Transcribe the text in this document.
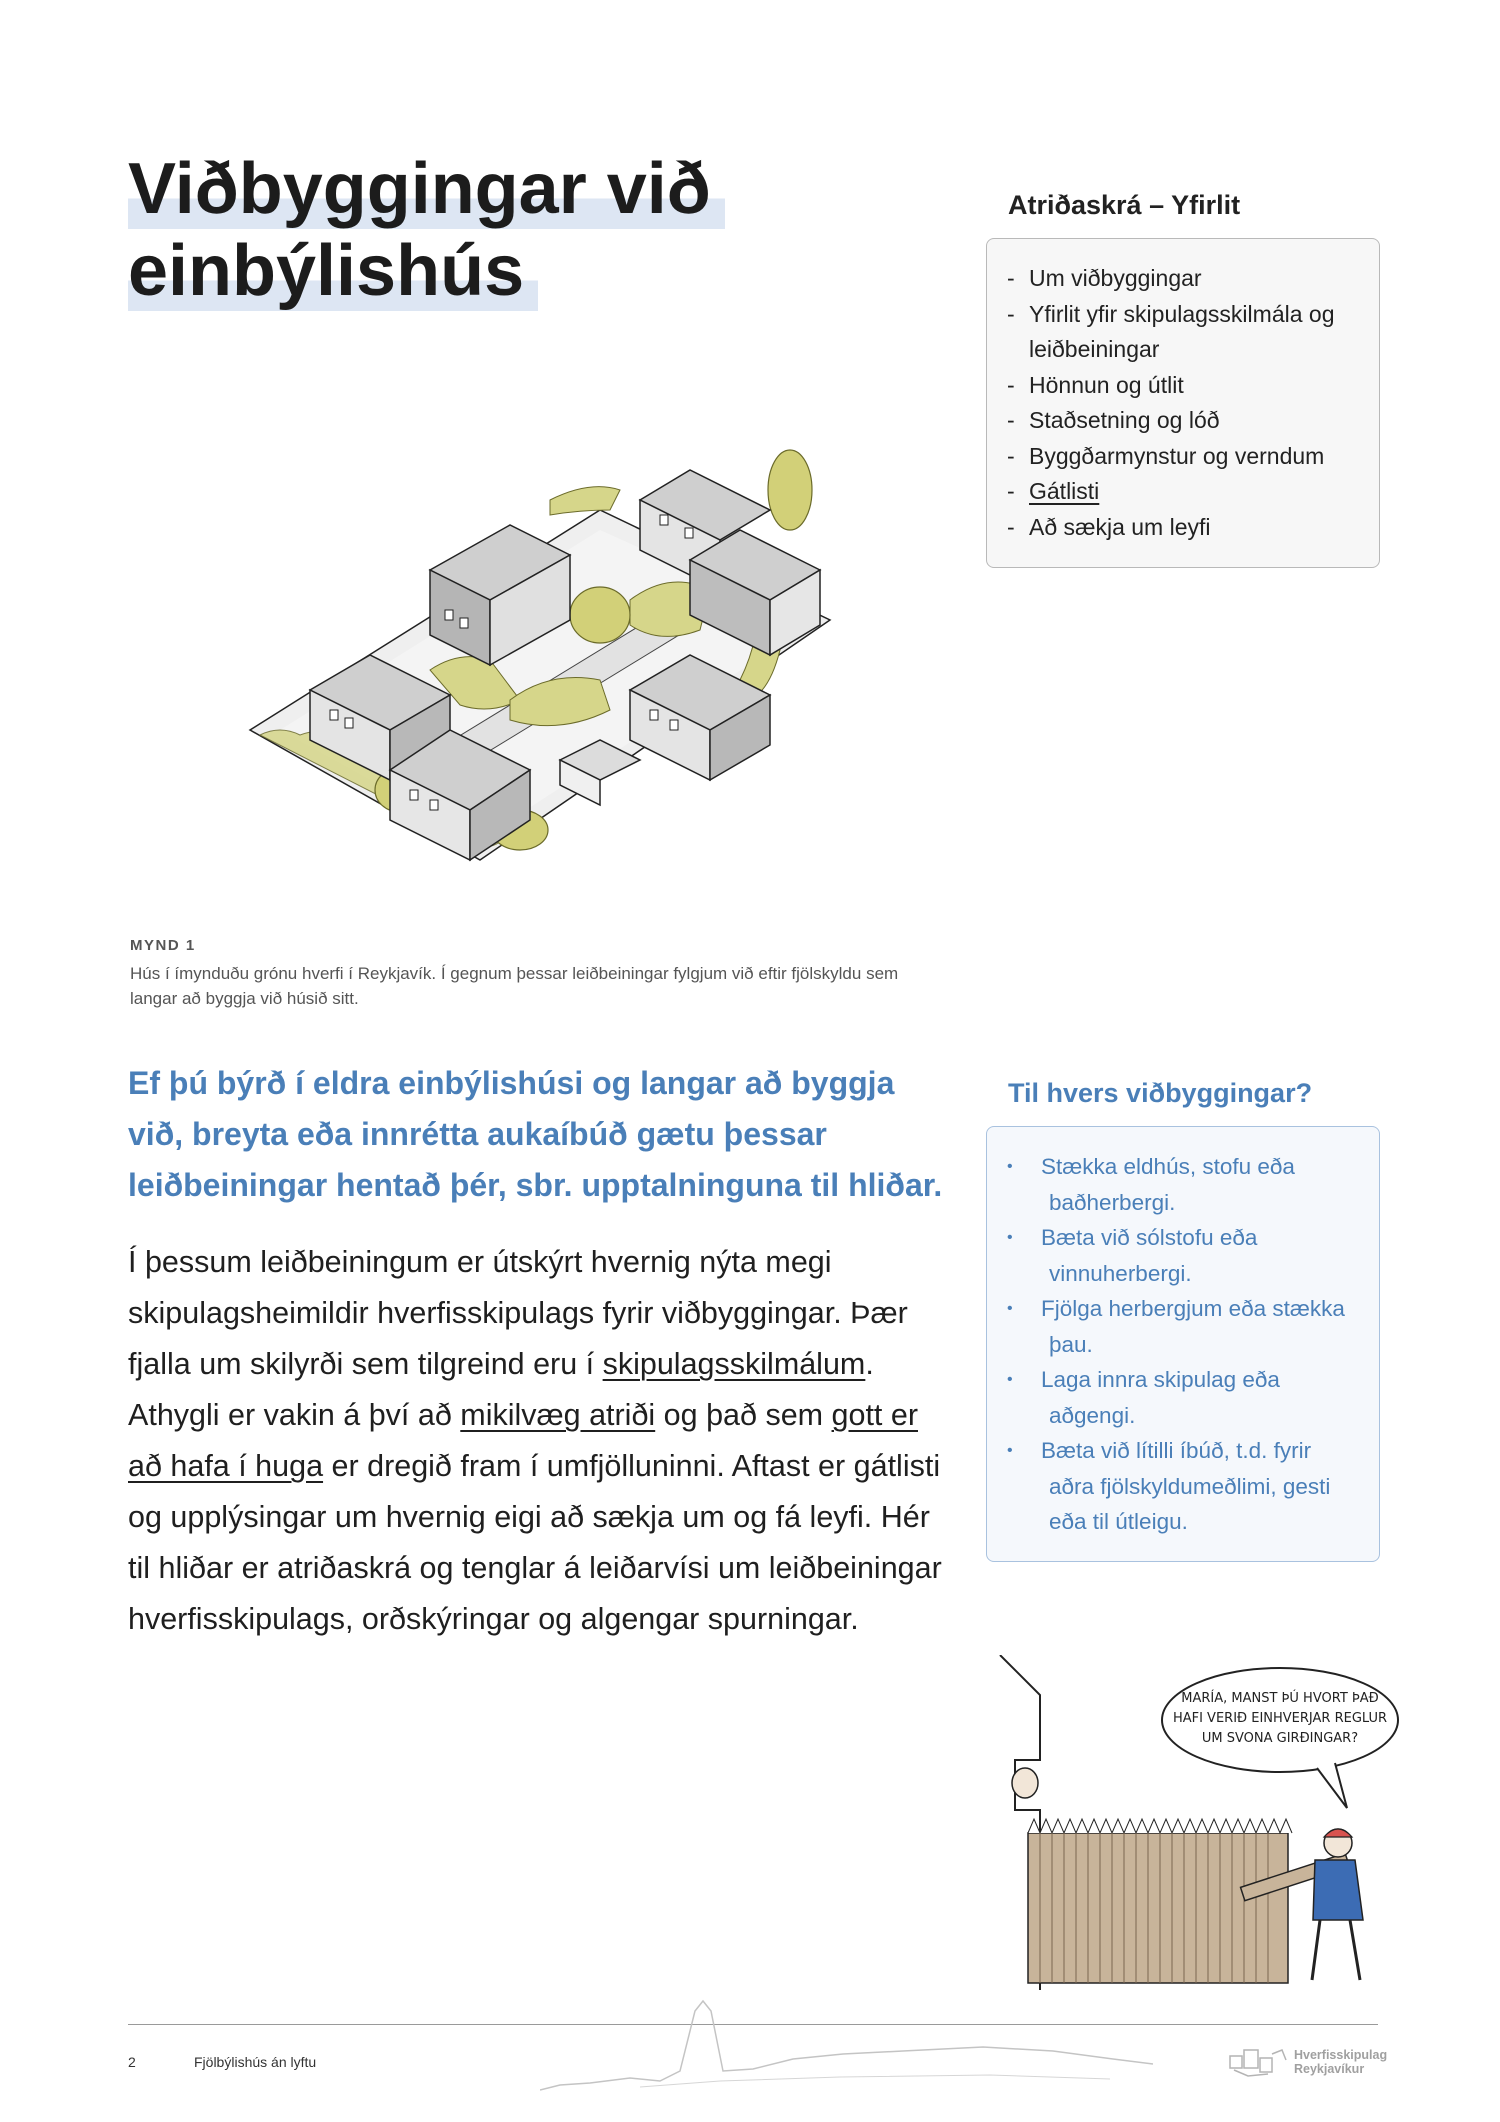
Viðbyggingar við
einbýlishús
Atriðaskrá – Yfirlit
- Um viðbyggingar
- Yfirlit yfir skipulagsskilmála og leiðbeiningar
- Hönnun og útlit
- Staðsetning og lóð
- Byggðarmynstur og verndum
- Gátlisti
- Að sækja um leyfi
MYND 1
Hús í ímynduðu grónu hverfi í Reykjavík. Í gegnum þessar leiðbeiningar fylgjum við eftir fjölskyldu sem langar að byggja við húsið sitt.

Ef þú býrð í eldra einbýlishúsi og langar að byggja við, breyta eða innrétta aukaíbúð gætu þessar leiðbeiningar hentað þér, sbr. upptalninguna til hliðar.

Í þessum leiðbeiningum er útskýrt hvernig nýta megi skipulagsheimildir hverfisskipulags fyrir viðbyggingar. Þær fjalla um skilyrði sem tilgreind eru í skipulagsskilmálum. Athygli er vakin á því að mikilvæg atriði og það sem gott er að hafa í huga er dregið fram í umfjölluninni. Aftast er gátlisti og upplýsingar um hvernig eigi að sækja um og fá leyfi. Hér til hliðar er atriðaskrá og tenglar á leiðarvísi um leiðbeiningar hverfisskipulags, orðskýringar og algengar spurningar.

Til hvers viðbyggingar?
•	Stækka eldhús, stofu eða
baðherbergi.
•	Bæta við sólstofu eða
vinnuherbergi.
•	Fjölga herbergjum eða stækka
þau.
•	Laga innra skipulag eða
aðgengi.
•	Bæta við lítilli íbúð, t.d. fyrir
aðra fjölskyldumeðlimi, gesti eða til útleigu.
MARÍA, MANST ÞÚ HVORT ÞAÐ
HAFI VERIÐ EINHVERJAR REGLUR
UM SVONA GIRÐINGAR?
2	Fjölbýlishús án lyftu	Hverfisskipulag
Reykjavíkur
